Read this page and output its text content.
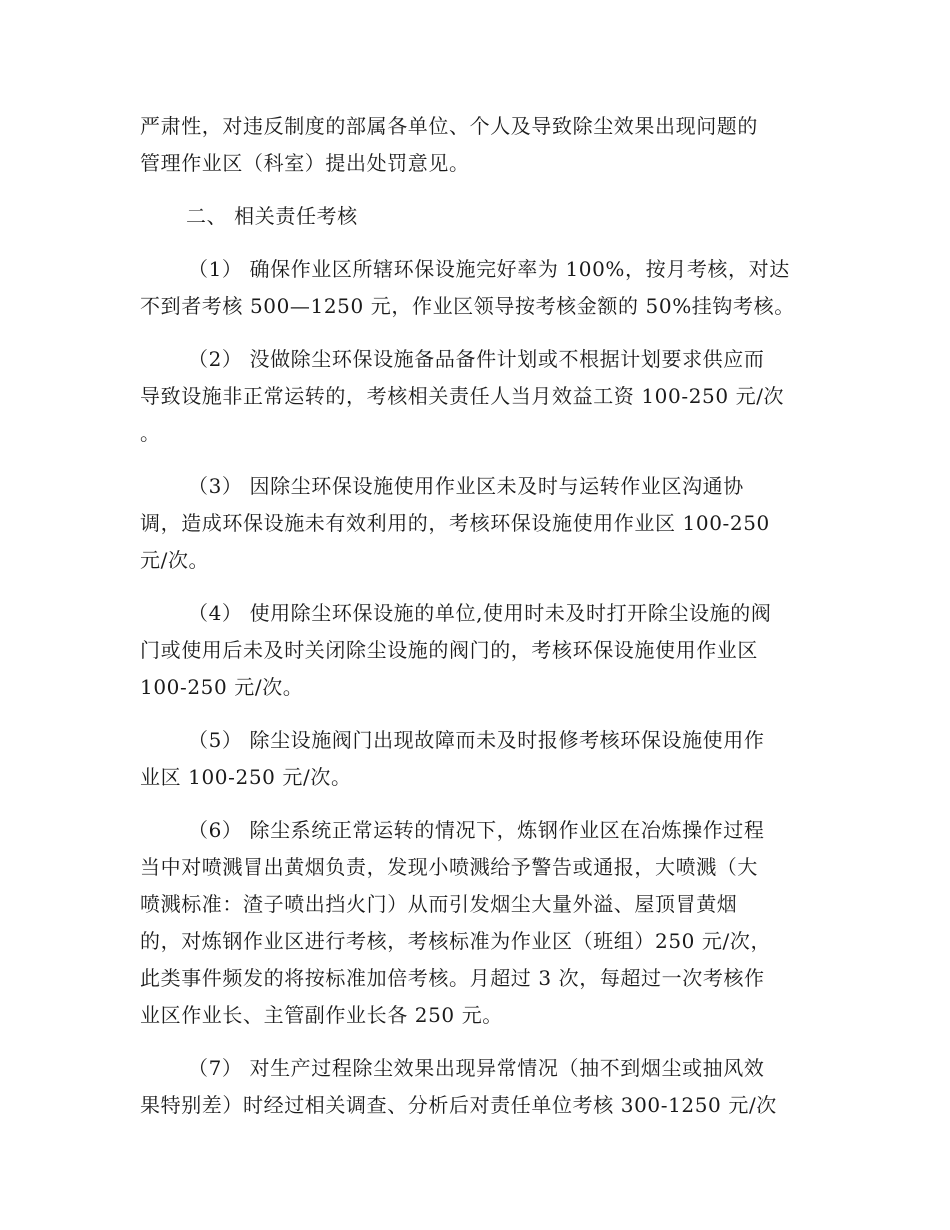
严肃性，对违反制度的部属各单位、个人及导致除尘效果出现问题的
管理作业区（科室）提出处罚意见。
二、 相关责任考核
（1） 确保作业区所辖环保设施完好率为 100%，按月考核，对达
不到者考核 500—1250 元，作业区领导按考核金额的 50%挂钩考核。
（2） 没做除尘环保设施备品备件计划或不根据计划要求供应而
导致设施非正常运转的，考核相关责任人当月效益工资 100-250 元/次
。
（3） 因除尘环保设施使用作业区未及时与运转作业区沟通协
调，造成环保设施未有效利用的，考核环保设施使用作业区 100-250
元/次。
（4） 使用除尘环保设施的单位,使用时未及时打开除尘设施的阀
门或使用后未及时关闭除尘设施的阀门的，考核环保设施使用作业区
100-250 元/次。
（5） 除尘设施阀门出现故障而未及时报修考核环保设施使用作
业区 100-250 元/次。
（6） 除尘系统正常运转的情况下，炼钢作业区在冶炼操作过程
当中对喷溅冒出黄烟负责，发现小喷溅给予警告或通报，大喷溅（大
喷溅标准：渣子喷出挡火门）从而引发烟尘大量外溢、屋顶冒黄烟
的，对炼钢作业区进行考核，考核标准为作业区（班组）250 元/次，
此类事件频发的将按标准加倍考核。月超过 3 次，每超过一次考核作
业区作业长、主管副作业长各 250 元。
（7） 对生产过程除尘效果出现异常情况（抽不到烟尘或抽风效
果特别差）时经过相关调查、分析后对责任单位考核 300-1250 元/次
